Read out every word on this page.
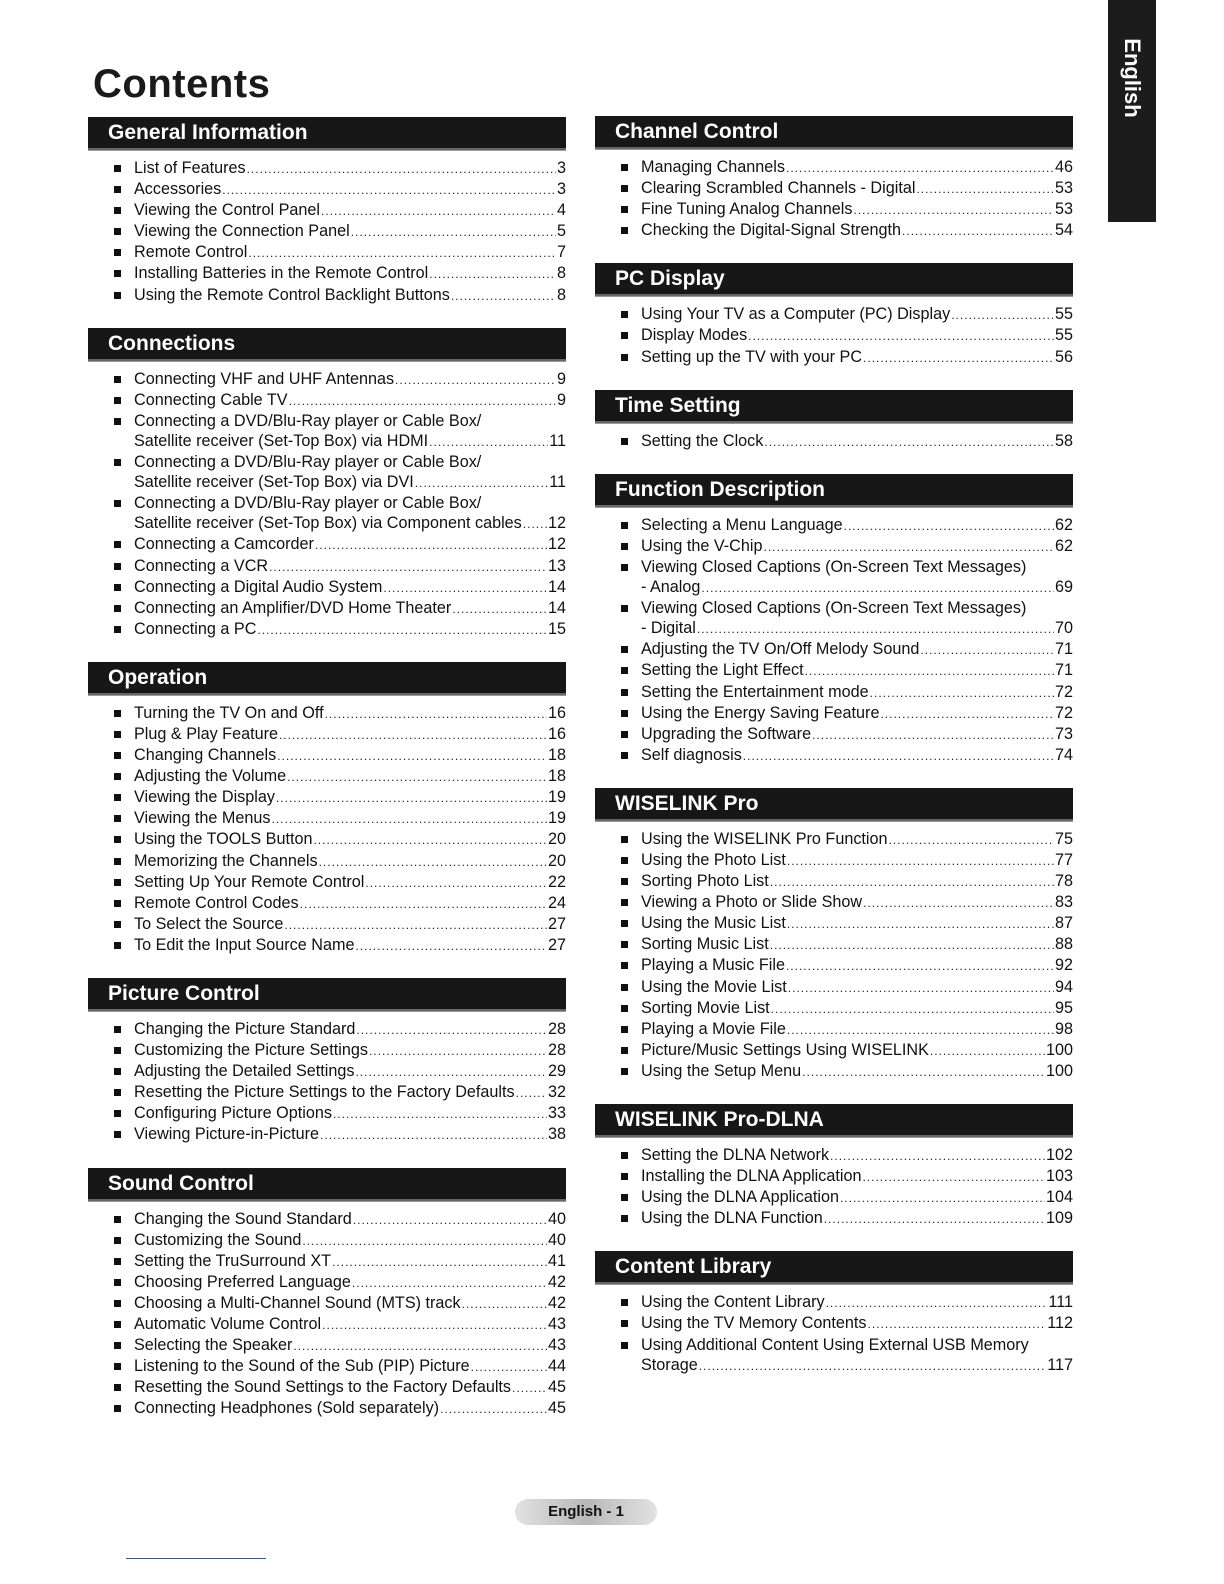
Contents	English
General Information
List of Features .....	3
Accessories .....	3
Viewing the Control Panel .....	4
Viewing the Connection Panel .....	5
Remote Control .....	7
Installing Batteries in the Remote Control .....	8
Using the Remote Control Backlight Buttons .....	8
Connections
Connecting VHF and UHF Antennas .....	9
Connecting Cable TV .....	9
Connecting a DVD/Blu-Ray player or Cable Box/
Satellite receiver (Set-Top Box) via HDMI .....	11
Connecting a DVD/Blu-Ray player or Cable Box/
Satellite receiver (Set-Top Box) via DVI .....	11
Connecting a DVD/Blu-Ray player or Cable Box/
Satellite receiver (Set-Top Box) via Component cables ..... 12
Connecting a Camcorder .....	12
Connecting a VCR .....	13
Connecting a Digital Audio System .....	14
Connecting an Amplifier/DVD Home Theater .....	14
Connecting a PC .....	15
Operation
Turning the TV On and Off .....	16
Plug & Play Feature .....	16
Changing Channels .....	18
Adjusting the Volume .....	18
Viewing the Display .....	19
Viewing the Menus .....	19
Using the TOOLS Button .....	20
Memorizing the Channels .....	20
Setting Up Your Remote Control .....	22
Remote Control Codes .....	24
To Select the Source .....	27
To Edit the Input Source Name .....	27
Picture Control
Changing the Picture Standard .....	28
Customizing the Picture Settings .....	28
Adjusting the Detailed Settings .....	29
Resetting the Picture Settings to the Factory Defaults ..... 32
Configuring Picture Options .....	33
Viewing Picture-in-Picture .....	38
Sound Control
Changing the Sound Standard .....	40
Customizing the Sound .....	40
Setting the TruSurround XT .....	41
Choosing Preferred Language .....	42
Choosing a Multi-Channel Sound (MTS) track .....	42
Automatic Volume Control .....	43
Selecting the Speaker .....	43
Listening to the Sound of the Sub (PIP) Picture .....	44
Resetting the Sound Settings to the Factory Defaults ..... 45
Connecting Headphones (Sold separately) .....	45
Channel Control
Managing Channels .....	46
Clearing Scrambled Channels - Digital .....	53
Fine Tuning Analog Channels .....	53
Checking the Digital-Signal Strength .....	54
PC Display
Using Your TV as a Computer (PC) Display .....	55
Display Modes .....	55
Setting up the TV with your PC .....	56
Time Setting
Setting the Clock .....	58
Function Description
Selecting a Menu Language .....	62
Using the V-Chip .....	62
Viewing Closed Captions (On-Screen Text Messages)
- Analog .....	69
Viewing Closed Captions (On-Screen Text Messages)
- Digital .....	70
Adjusting the TV On/Off Melody Sound .....	71
Setting the Light Effect .....	71
Setting the Entertainment mode .....	72
Using the Energy Saving Feature .....	72
Upgrading the Software .....	73
Self diagnosis .....	74
WISELINK Pro
Using the WISELINK Pro Function .....	75
Using the Photo List .....	77
Sorting Photo List .....	78
Viewing a Photo or Slide Show .....	83
Using the Music List .....	87
Sorting Music List .....	88
Playing a Music File .....	92
Using the Movie List .....	94
Sorting Movie List .....	95
Playing a Movie File .....	98
Picture/Music Settings Using WISELINK .....	100
Using the Setup Menu .....	100
WISELINK Pro-DLNA
Setting the DLNA Network .....	102
Installing the DLNA Application .....	103
Using the DLNA Application .....	104
Using the DLNA Function .....	109
Content Library
Using the Content Library .....	111
Using the TV Memory Contents .....	112
Using Additional Content Using External USB Memory
Storage .....	117
English - 1
